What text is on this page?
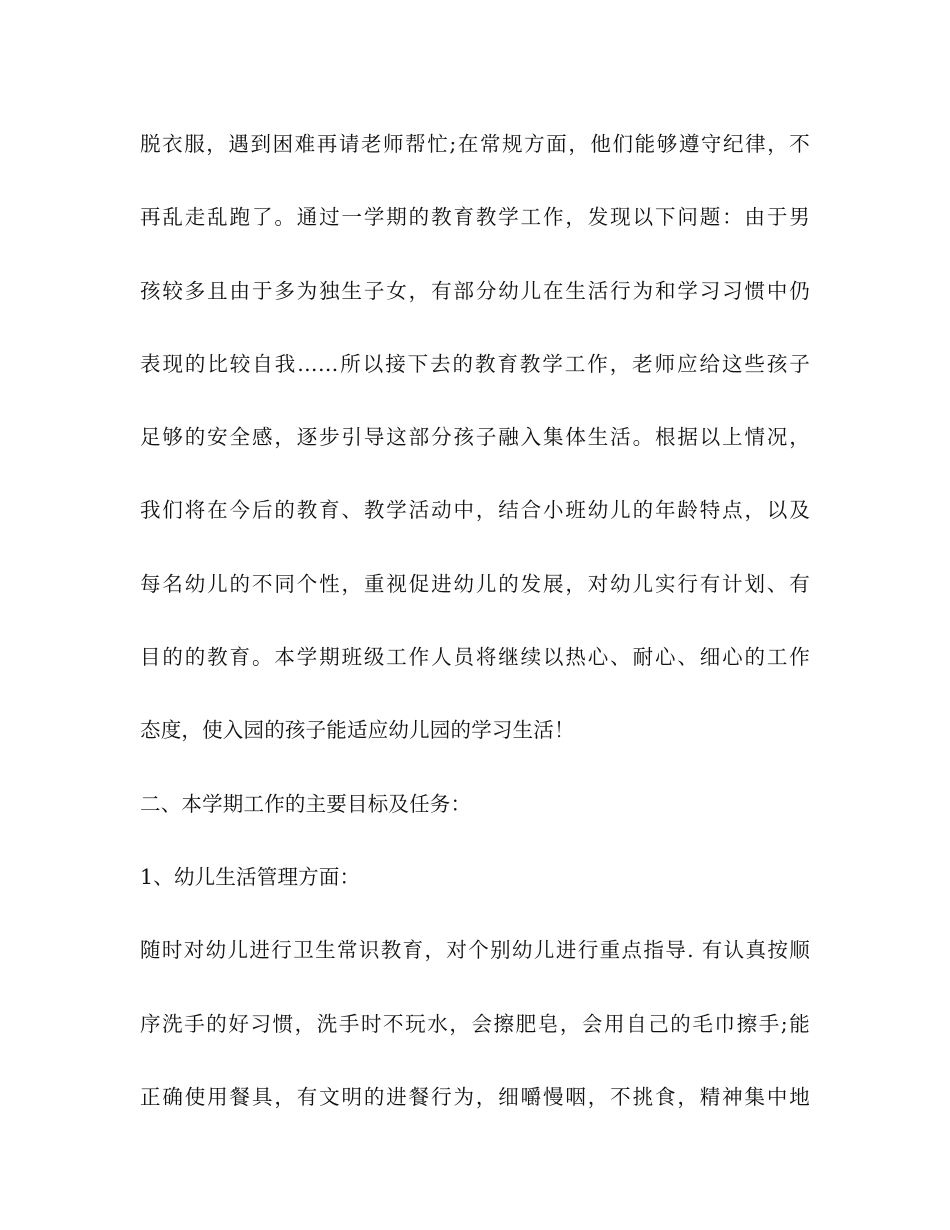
脱衣服，遇到困难再请老师帮忙;在常规方面，他们能够遵守纪律，不
再乱走乱跑了。通过一学期的教育教学工作，发现以下问题：由于男
孩较多且由于多为独生子女，有部分幼儿在生活行为和学习习惯中仍
表现的比较自我……所以接下去的教育教学工作，老师应给这些孩子
足够的安全感，逐步引导这部分孩子融入集体生活。根据以上情况，
我们将在今后的教育、教学活动中，结合小班幼儿的年龄特点，以及
每名幼儿的不同个性，重视促进幼儿的发展，对幼儿实行有计划、有
目的的教育。本学期班级工作人员将继续以热心、耐心、细心的工作
态度，使入园的孩子能适应幼儿园的学习生活！
二、本学期工作的主要目标及任务：
1、幼儿生活管理方面：
随时对幼儿进行卫生常识教育，对个别幼儿进行重点指导. 有认真按顺
序洗手的好习惯，洗手时不玩水，会擦肥皂，会用自己的毛巾擦手;能
正确使用餐具，有文明的进餐行为，细嚼慢咽，不挑食，精神集中地
